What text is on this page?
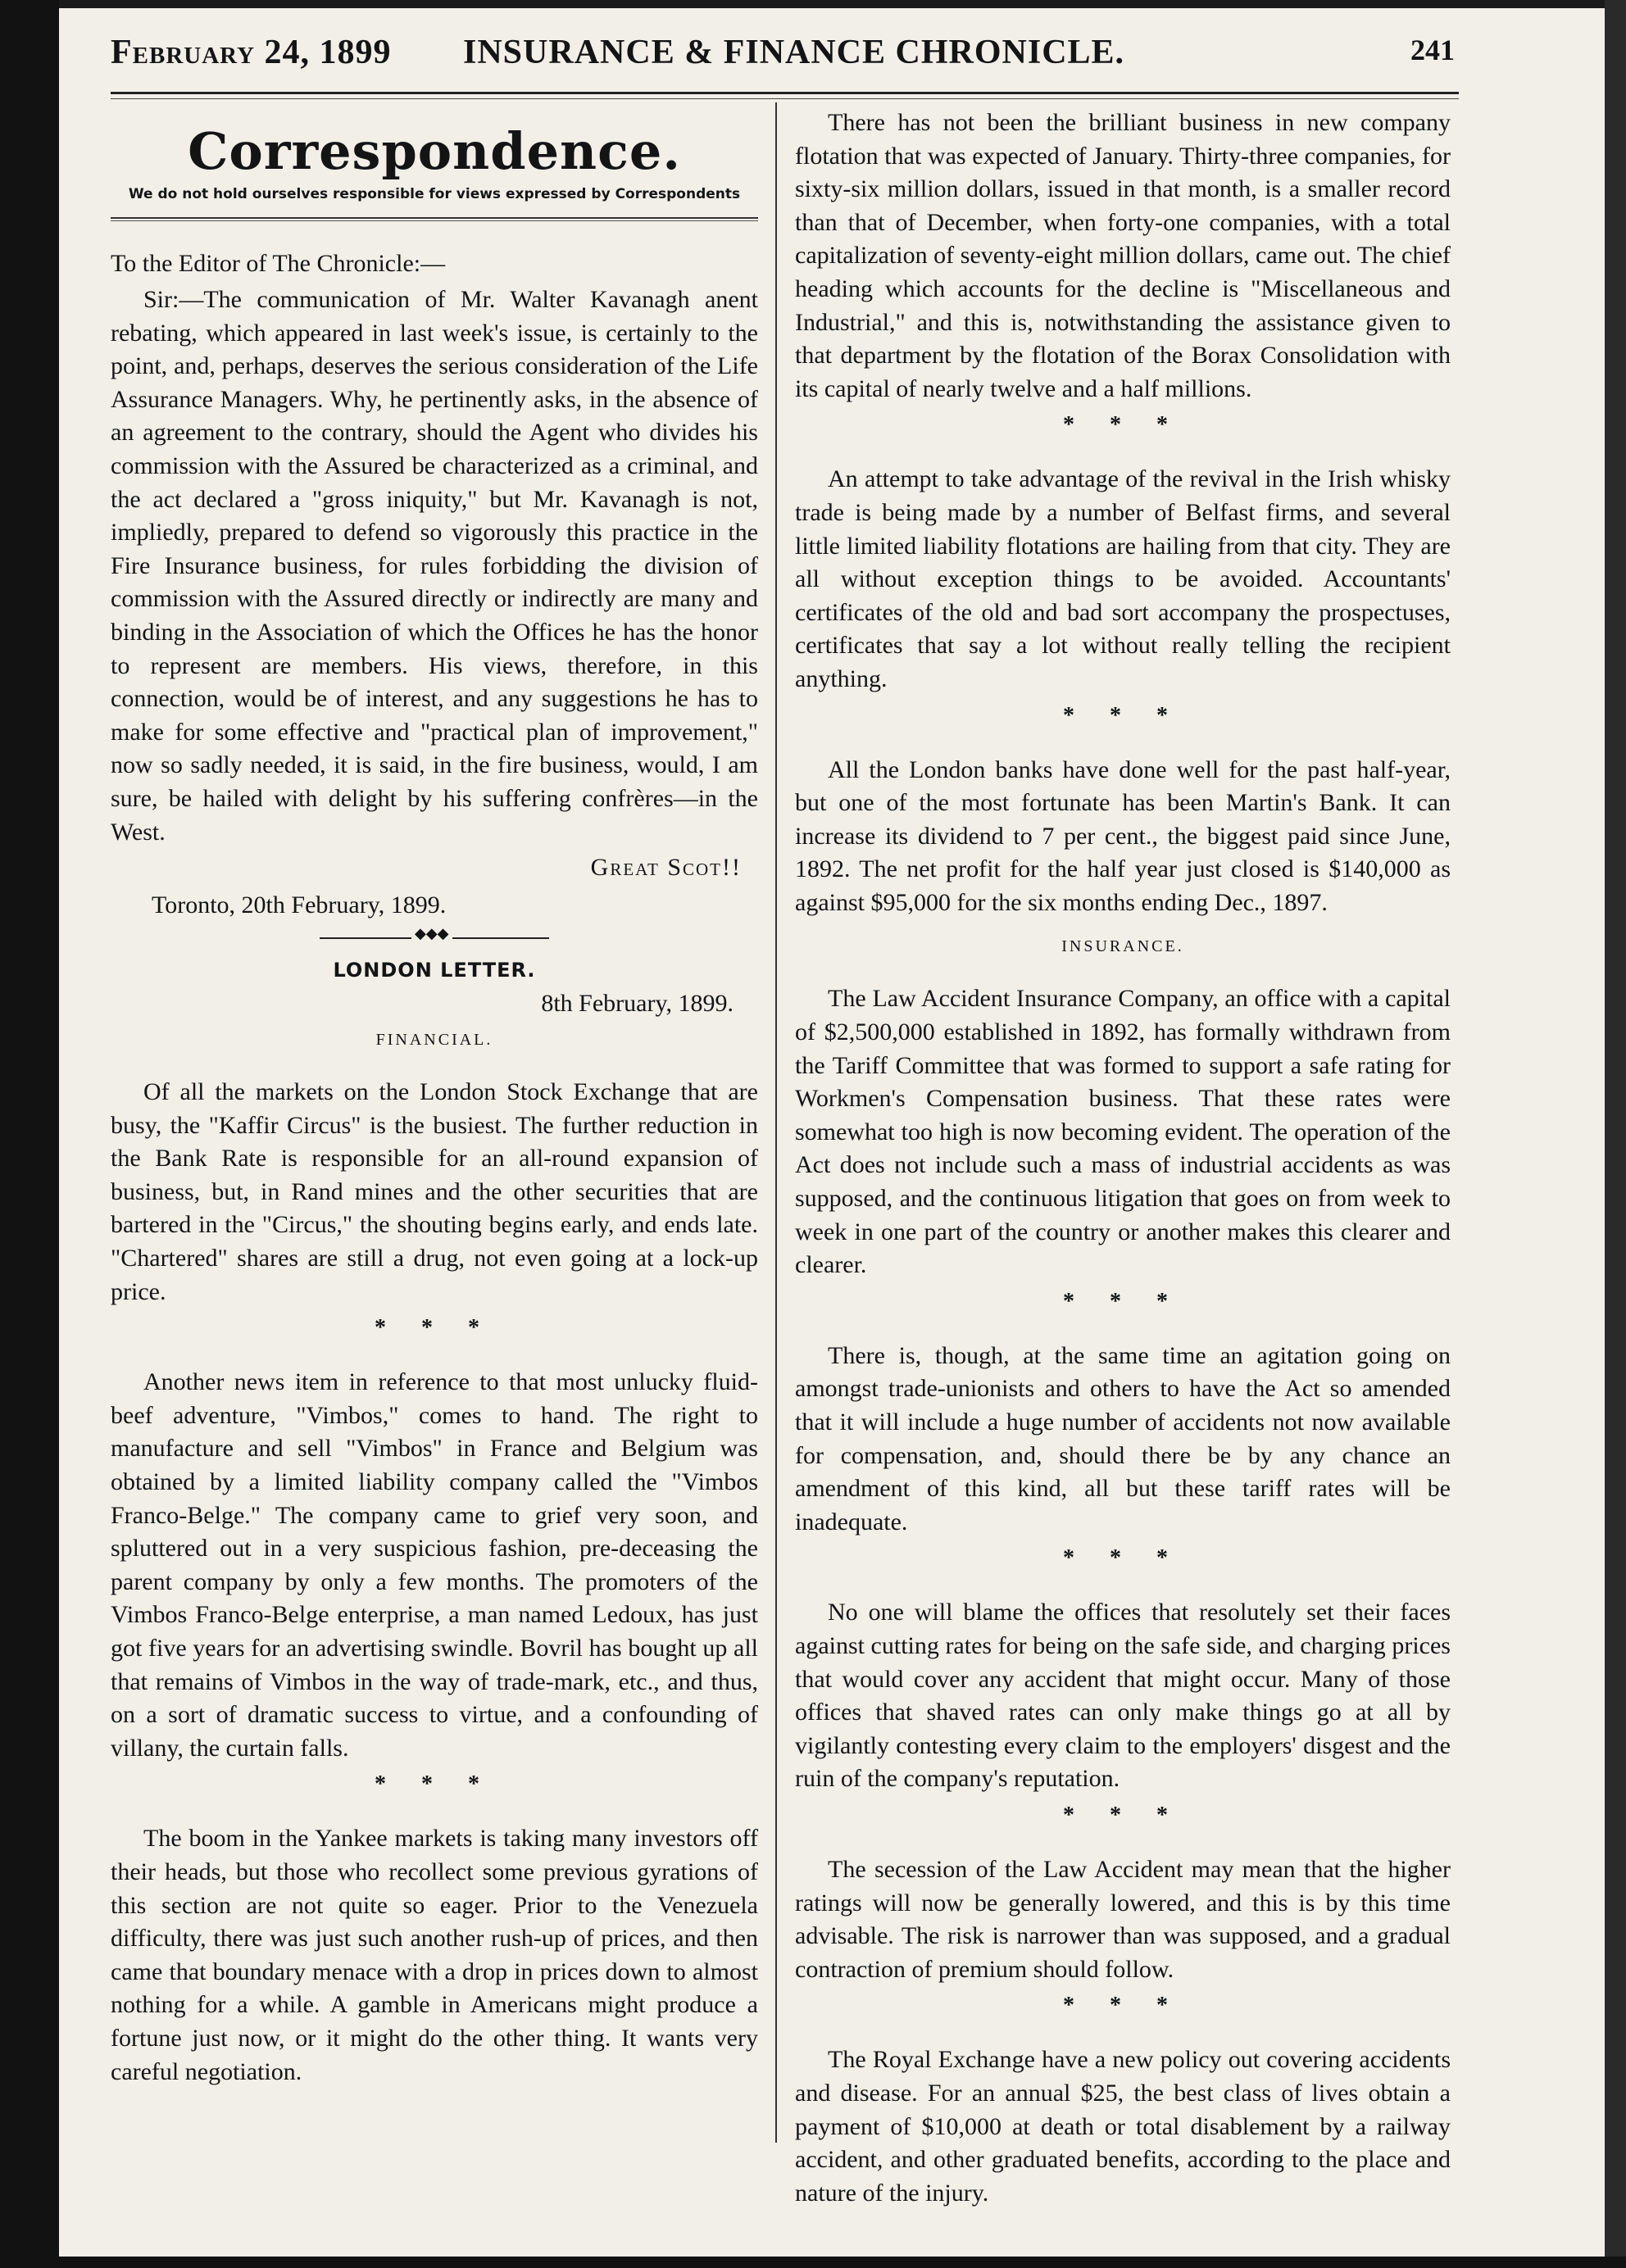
February 24, 1899 INSURANCE & FINANCE CHRONICLE.	241
Correspondence.
We do not hold ourselves responsible for views expressed by Correspondents
To the Editor of The Chronicle:—

Sir:—The communication of Mr. Walter Kavanagh anent rebating, which appeared in last week's issue, is certainly to the point, and, perhaps, deserves the serious consideration of the Life Assurance Managers. Why, he pertinently asks, in the absence of an agreement to the contrary, should the Agent who divides his commission with the Assured be characterized as a criminal, and the act declared a "gross iniquity," but Mr. Kavanagh is not, impliedly, prepared to defend so vigorously this practice in the Fire Insurance business, for rules forbidding the division of commission with the Assured directly or indirectly are many and binding in the Association of which the Offices he has the honor to represent are members. His views, therefore, in this connection, would be of interest, and any suggestions he has to make for some effective and "practical plan of improvement," now so sadly needed, it is said, in the fire business, would, I am sure, be hailed with delight by his suffering confrères—in the West.

Great Scot!!
Toronto, 20th February, 1899.
◆◆◆
LONDON LETTER.
8th February, 1899.
FINANCIAL.

Of all the markets on the London Stock Exchange that are busy, the "Kaffir Circus" is the busiest. The further reduction in the Bank Rate is responsible for an all-round expansion of business, but, in Rand mines and the other securities that are bartered in the "Circus," the shouting begins early, and ends late. "Chartered" shares are still a drug, not even going at a lock-up price.

* * *

Another news item in reference to that most unlucky fluid-beef adventure, "Vimbos," comes to hand. The right to manufacture and sell "Vimbos" in France and Belgium was obtained by a limited liability company called the "Vimbos Franco-Belge." The company came to grief very soon, and spluttered out in a very suspicious fashion, pre-deceasing the parent company by only a few months. The promoters of the Vimbos Franco-Belge enterprise, a man named Ledoux, has just got five years for an advertising swindle. Bovril has bought up all that remains of Vimbos in the way of trade-mark, etc., and thus, on a sort of dramatic success to virtue, and a confounding of villany, the curtain falls.

* * *

The boom in the Yankee markets is taking many investors off their heads, but those who recollect some previous gyrations of this section are not quite so eager. Prior to the Venezuela difficulty, there was just such another rush-up of prices, and then came that boundary menace with a drop in prices down to almost nothing for a while. A gamble in Americans might produce a fortune just now, or it might do the other thing. It wants very careful negotiation.

There has not been the brilliant business in new company flotation that was expected of January. Thirty-three companies, for sixty-six million dollars, issued in that month, is a smaller record than that of December, when forty-one companies, with a total capitalization of seventy-eight million dollars, came out. The chief heading which accounts for the decline is "Miscellaneous and Industrial," and this is, notwithstanding the assistance given to that department by the flotation of the Borax Consolidation with its capital of nearly twelve and a half millions.

* * *

An attempt to take advantage of the revival in the Irish whisky trade is being made by a number of Belfast firms, and several little limited liability flotations are hailing from that city. They are all without exception things to be avoided. Accountants' certificates of the old and bad sort accompany the prospectuses, certificates that say a lot without really telling the recipient anything.

* * *

All the London banks have done well for the past half-year, but one of the most fortunate has been Martin's Bank. It can increase its dividend to 7 per cent., the biggest paid since June, 1892. The net profit for the half year just closed is $140,000 as against $95,000 for the six months ending Dec., 1897.

INSURANCE.

The Law Accident Insurance Company, an office with a capital of $2,500,000 established in 1892, has formally withdrawn from the Tariff Committee that was formed to support a safe rating for Workmen's Compensation business. That these rates were somewhat too high is now becoming evident. The operation of the Act does not include such a mass of industrial accidents as was supposed, and the continuous litigation that goes on from week to week in one part of the country or another makes this clearer and clearer.

* * *

There is, though, at the same time an agitation going on amongst trade-unionists and others to have the Act so amended that it will include a huge number of accidents not now available for compensation, and, should there be by any chance an amendment of this kind, all but these tariff rates will be inadequate.

* * *

No one will blame the offices that resolutely set their faces against cutting rates for being on the safe side, and charging prices that would cover any accident that might occur. Many of those offices that shaved rates can only make things go at all by vigilantly contesting every claim to the employers' disgest and the ruin of the company's reputation.

* * *

The secession of the Law Accident may mean that the higher ratings will now be generally lowered, and this is by this time advisable. The risk is narrower than was supposed, and a gradual contraction of premium should follow.

* * *

The Royal Exchange have a new policy out covering accidents and disease. For an annual $25, the best class of lives obtain a payment of $10,000 at death or total disablement by a railway accident, and other graduated benefits, according to the place and nature of the injury.
